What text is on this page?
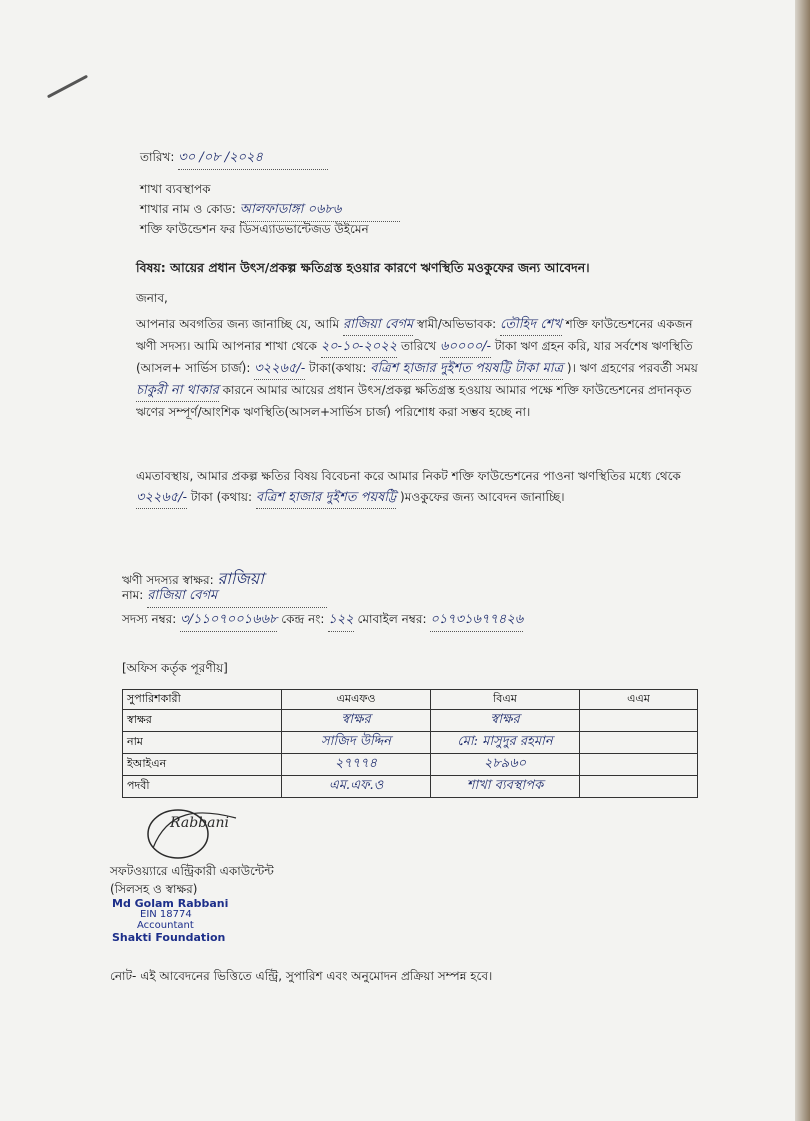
তারিখ: ৩০ /০৮ /২০২৪
শাখা ব্যবস্থাপক
শাখার নাম ও কোড: আলফাডাঙ্গা ০৬৮৬
শক্তি ফাউন্ডেশন ফর ডিসএ্যাডভান্টেজড উইমেন
বিষয়: আয়ের প্রধান উৎস/প্রকল্প ক্ষতিগ্রস্ত হওয়ার কারণে ঋণস্থিতি মওকুফের জন্য আবেদন।
জনাব,
আপনার অবগতির জন্য জানাচ্ছি যে, আমি রাজিয়া বেগম স্বামী/অভিভাবক: তৌহিদ শেখ শক্তি ফাউন্ডেশনের একজন ঋণী সদস্য। আমি আপনার শাখা থেকে ২০-১০-২০২২ তারিখে ৬০০০০/- টাকা ঋণ গ্রহন করি, যার সর্বশেষ ঋণস্থিতি (আসল+ সার্ভিস চার্জ): ৩২২৬৫/- টাকা(কথায়: বত্রিশ হাজার দুইশত পয়ষট্টি টাকা মাত্র )। ঋণ গ্রহণের পরবর্তী সময় চাকুরী না থাকার কারনে আমার আয়ের প্রধান উৎস/প্রকল্প ক্ষতিগ্রস্ত হওয়ায় আমার পক্ষে শক্তি ফাউন্ডেশনের প্রদানকৃত ঋণের সম্পূর্ণ/আংশিক ঋণস্থিতি(আসল+সার্ভিস চার্জ) পরিশোধ করা সম্ভব হচ্ছে না।
এমতাবস্থায়, আমার প্রকল্প ক্ষতির বিষয় বিবেচনা করে আমার নিকট শক্তি ফাউন্ডেশনের পাওনা ঋণস্থিতির মধ্যে থেকে ৩২২৬৫/- টাকা (কথায়: বত্রিশ হাজার দুইশত পয়ষট্টি )মওকুফের জন্য আবেদন জানাচ্ছি।
ঋণী সদস্যর স্বাক্ষর: রাজিয়া
নাম: রাজিয়া বেগম
সদস্য নম্বর: ৩/১১০৭০০১৬৬৮ কেন্দ্র নং: ১২২ মোবাইল নম্বর: ০১৭৩১৬৭৭৪২৬
[অফিস কর্তৃক পূরণীয়]
সুপারিশকারী	এমএফও	বিএম	এএম
স্বাক্ষর	স্বাক্ষর	স্বাক্ষর	
নাম	সাজিদ উদ্দিন	মো: মাসুদুর রহমান	
ইআইএন	২৭৭৭৪	২৮৯৬০	
পদবী	এম.এফ.ও	শাখা ব্যবস্থাপক	
Rabbani
সফটওয়্যারে এন্ট্রিকারী একাউন্টেন্ট
(সিলসহ ও স্বাক্ষর)
Md Golam Rabbani
EIN 18774
Accountant
Shakti Foundation
নোট- এই আবেদনের ভিত্তিতে এন্ট্রি, সুপারিশ এবং অনুমোদন প্রক্রিয়া সম্পন্ন হবে।
